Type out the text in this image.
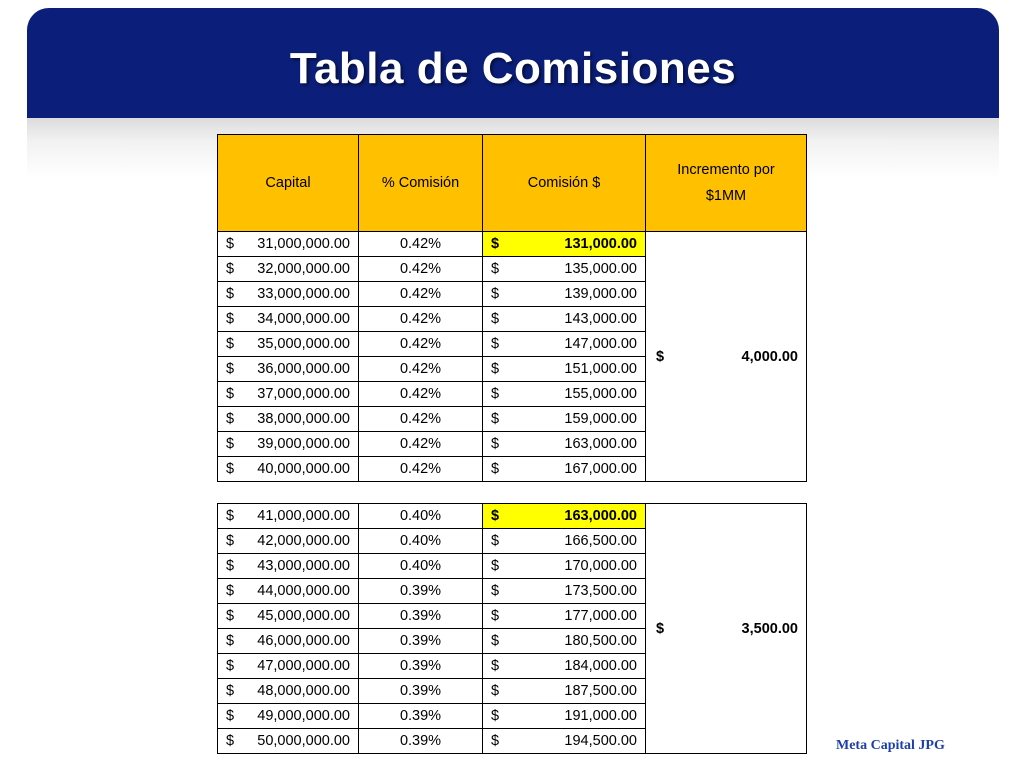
Tabla de Comisiones
Capital	% Comisión	Comisión $	Incremento por
$1MM

$ 31,000,000.00	0.42%	$ 131,000.00	$ 4,000.00

$ 32,000,000.00	0.42%	$ 135,000.00	

$ 33,000,000.00	0.42%	$ 139,000.00	

$ 34,000,000.00	0.42%	$ 143,000.00	

$ 35,000,000.00	0.42%	$ 147,000.00	

$ 36,000,000.00	0.42%	$ 151,000.00	

$ 37,000,000.00	0.42%	$ 155,000.00	

$ 38,000,000.00	0.42%	$ 159,000.00	

$ 39,000,000.00	0.42%	$ 163,000.00	

$ 40,000,000.00	0.42%	$ 167,000.00	
$ 41,000,000.00	0.40%	$ 163,000.00	$ 3,500.00

$ 42,000,000.00	0.40%	$ 166,500.00	

$ 43,000,000.00	0.40%	$ 170,000.00	

$ 44,000,000.00	0.39%	$ 173,500.00	

$ 45,000,000.00	0.39%	$ 177,000.00	

$ 46,000,000.00	0.39%	$ 180,500.00	

$ 47,000,000.00	0.39%	$ 184,000.00	

$ 48,000,000.00	0.39%	$ 187,500.00	

$ 49,000,000.00	0.39%	$ 191,000.00	

$ 50,000,000.00	0.39%	$ 194,500.00		Meta Capital JPG
